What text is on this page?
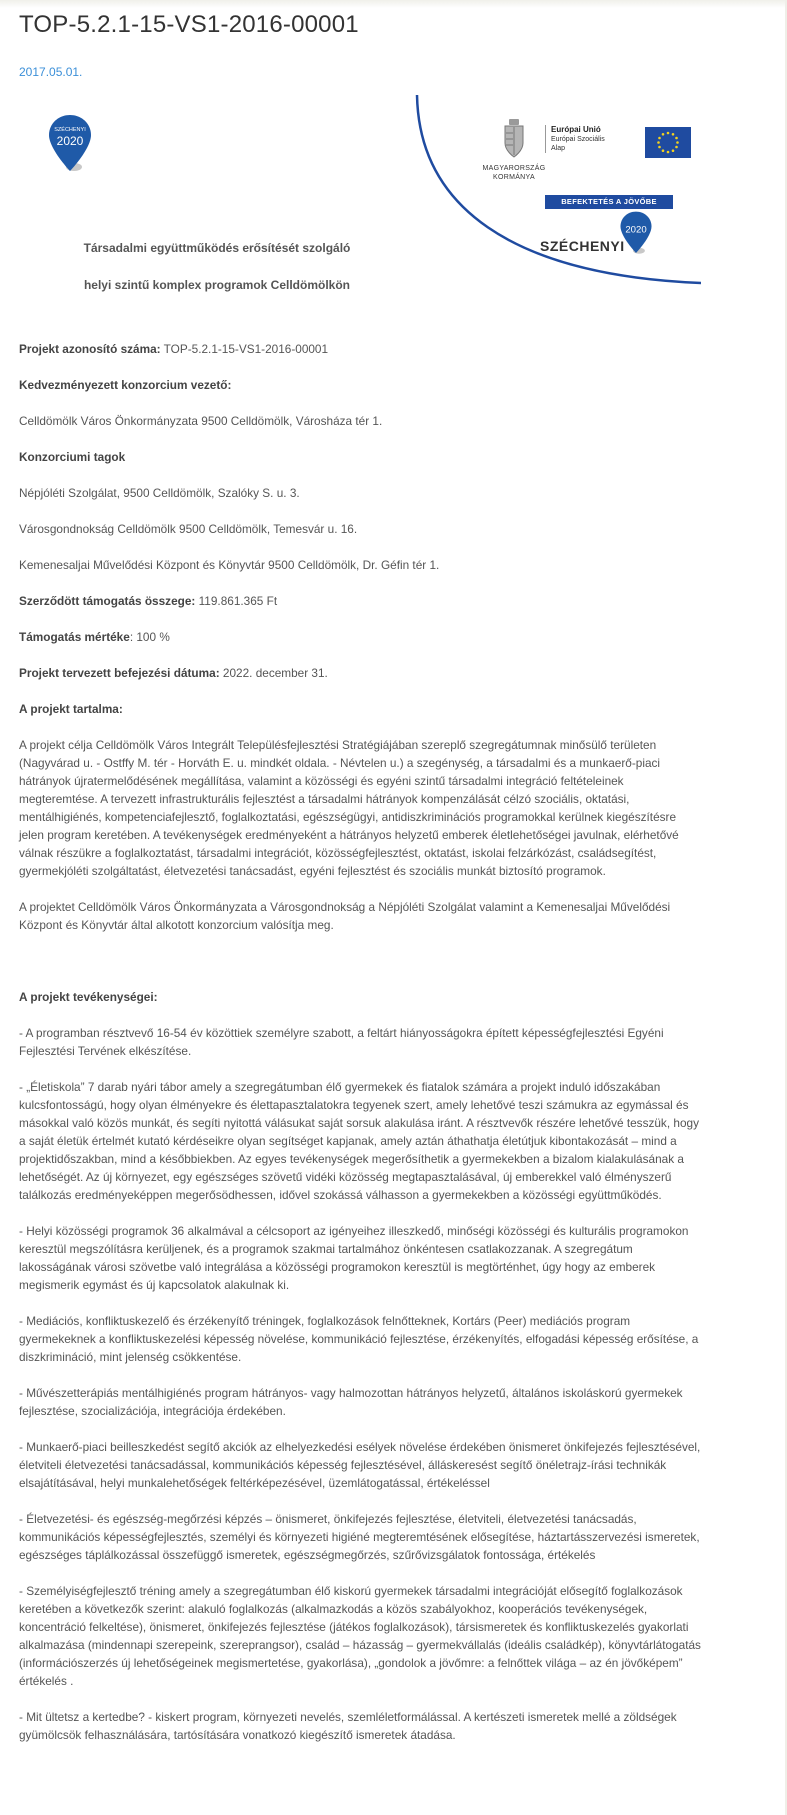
TOP-5.2.1-15-VS1-2016-00001
2017.05.01.
SZÉCHENYI
2020
Társadalmi együttműködés erősítését szolgáló
helyi szintű komplex programok Celldömölkön
MAGYARORSZÁG
KORMÁNYA
Európai Unió
Európai Szociális
Alap
BEFEKTETÉS A JÖVŐBE
SZÉCHENYI
2020

Projekt azonosító száma: TOP-5.2.1-15-VS1-2016-00001

Kedvezményezett konzorcium vezető:

Celldömölk Város Önkormányzata 9500 Celldömölk, Városháza tér 1.

Konzorciumi tagok

Népjóléti Szolgálat, 9500 Celldömölk, Szalóky S. u. 3.

Városgondnokság Celldömölk 9500 Celldömölk, Temesvár u. 16.

Kemenesaljai Művelődési Központ és Könyvtár 9500 Celldömölk, Dr. Géfin tér 1.

Szerződött támogatás összege: 119.861.365 Ft

Támogatás mértéke: 100 %

Projekt tervezett befejezési dátuma: 2022. december 31.

A projekt tartalma:

A projekt célja Celldömölk Város Integrált Településfejlesztési Stratégiájában szereplő szegregátumnak minősülő területen (Nagyvárad u. - Ostffy M. tér - Horváth E. u. mindkét oldala. - Névtelen u.) a szegénység, a társadalmi és a munkaerő-piaci hátrányok újratermelődésének megállítása, valamint a közösségi és egyéni szintű társadalmi integráció feltételeinek megteremtése. A tervezett infrastrukturális fejlesztést a társadalmi hátrányok kompenzálását célzó szociális, oktatási, mentálhigiénés, kompetenciafejlesztő, foglalkoztatási, egészségügyi, antidiszkriminációs programokkal kerülnek kiegészítésre jelen program keretében. A tevékenységek eredményeként a hátrányos helyzetű emberek életlehetőségei javulnak, elérhetővé válnak részükre a foglalkoztatást, társadalmi integrációt, közösségfejlesztést, oktatást, iskolai felzárkózást, családsegítést, gyermekjóléti szolgáltatást, életvezetési tanácsadást, egyéni fejlesztést és szociális munkát biztosító programok.

A projektet Celldömölk Város Önkormányzata a Városgondnokság a Népjóléti Szolgálat valamint a Kemenesaljai Művelődési Központ és Könyvtár által alkotott konzorcium valósítja meg.

A projekt tevékenységei:

- A programban résztvevő 16-54 év közöttiek személyre szabott, a feltárt hiányosságokra épített képességfejlesztési Egyéni Fejlesztési Tervének elkészítése.

- „Életiskola” 7 darab nyári tábor amely a szegregátumban élő gyermekek és fiatalok számára a projekt induló időszakában kulcsfontosságú, hogy olyan élményekre és élettapasztalatokra tegyenek szert, amely lehetővé teszi számukra az egymással és másokkal való közös munkát, és segíti nyitottá válásukat saját sorsuk alakulása iránt. A résztvevők részére lehetővé tesszük, hogy a saját életük értelmét kutató kérdéseikre olyan segítséget kapjanak, amely aztán áthathatja életútjuk kibontakozását – mind a projektidőszakban, mind a későbbiekben. Az egyes tevékenységek megerősíthetik a gyermekekben a bizalom kialakulásának a lehetőségét. Az új környezet, egy egészséges szövetű vidéki közösség megtapasztalásával, új emberekkel való élményszerű találkozás eredményeképpen megerősödhessen, idővel szokássá válhasson a gyermekekben a közösségi együttműködés.

- Helyi közösségi programok 36 alkalmával a célcsoport az igényeihez illeszkedő, minőségi közösségi és kulturális programokon keresztül megszólításra kerüljenek, és a programok szakmai tartalmához önkéntesen csatlakozzanak. A szegregátum lakosságának városi szövetbe való integrálása a közösségi programokon keresztül is megtörténhet, úgy hogy az emberek megismerik egymást és új kapcsolatok alakulnak ki.

- Mediációs, konfliktuskezelő és érzékenyítő tréningek, foglalkozások felnőtteknek, Kortárs (Peer) mediációs program gyermekeknek a konfliktuskezelési képesség növelése, kommunikáció fejlesztése, érzékenyítés, elfogadási képesség erősítése, a diszkrimináció, mint jelenség csökkentése.

- Művészetterápiás mentálhigiénés program hátrányos- vagy halmozottan hátrányos helyzetű, általános iskoláskorú gyermekek fejlesztése, szocializációja, integrációja érdekében.

- Munkaerő-piaci beilleszkedést segítő akciók az elhelyezkedési esélyek növelése érdekében önismeret önkifejezés fejlesztésével, életviteli életvezetési tanácsadással, kommunikációs képesség fejlesztésével, álláskeresést segítő önéletrajz-írási technikák elsajátításával, helyi munkalehetőségek feltérképezésével, üzemlátogatással, értékeléssel

- Életvezetési- és egészség-megőrzési képzés – önismeret, önkifejezés fejlesztése, életviteli, életvezetési tanácsadás, kommunikációs képességfejlesztés, személyi és környezeti higiéné megteremtésének elősegítése, háztartásszervezési ismeretek, egészséges táplálkozással összefüggő ismeretek, egészségmegőrzés, szűrővizsgálatok fontossága, értékelés

- Személyiségfejlesztő tréning amely a szegregátumban élő kiskorú gyermekek társadalmi integrációját elősegítő foglalkozások keretében a következők szerint: alakuló foglalkozás (alkalmazkodás a közös szabályokhoz, kooperációs tevékenységek, koncentráció felkeltése), önismeret, önkifejezés fejlesztése (játékos foglalkozások), társismeretek és konfliktuskezelés gyakorlati alkalmazása (mindennapi szerepeink, szereprangsor), család – házasság – gyermekvállalás (ideális családkép), könyvtárlátogatás (információszerzés új lehetőségeinek megismertetése, gyakorlása), „gondolok a jövőmre: a felnőttek világa – az én jövőképem” értékelés .

- Mit ültetsz a kertedbe? - kiskert program, környezeti nevelés, szemléletformálással. A kertészeti ismeretek mellé a zöldségek gyümölcsök felhasználására, tartósítására vonatkozó kiegészítő ismeretek átadása.
